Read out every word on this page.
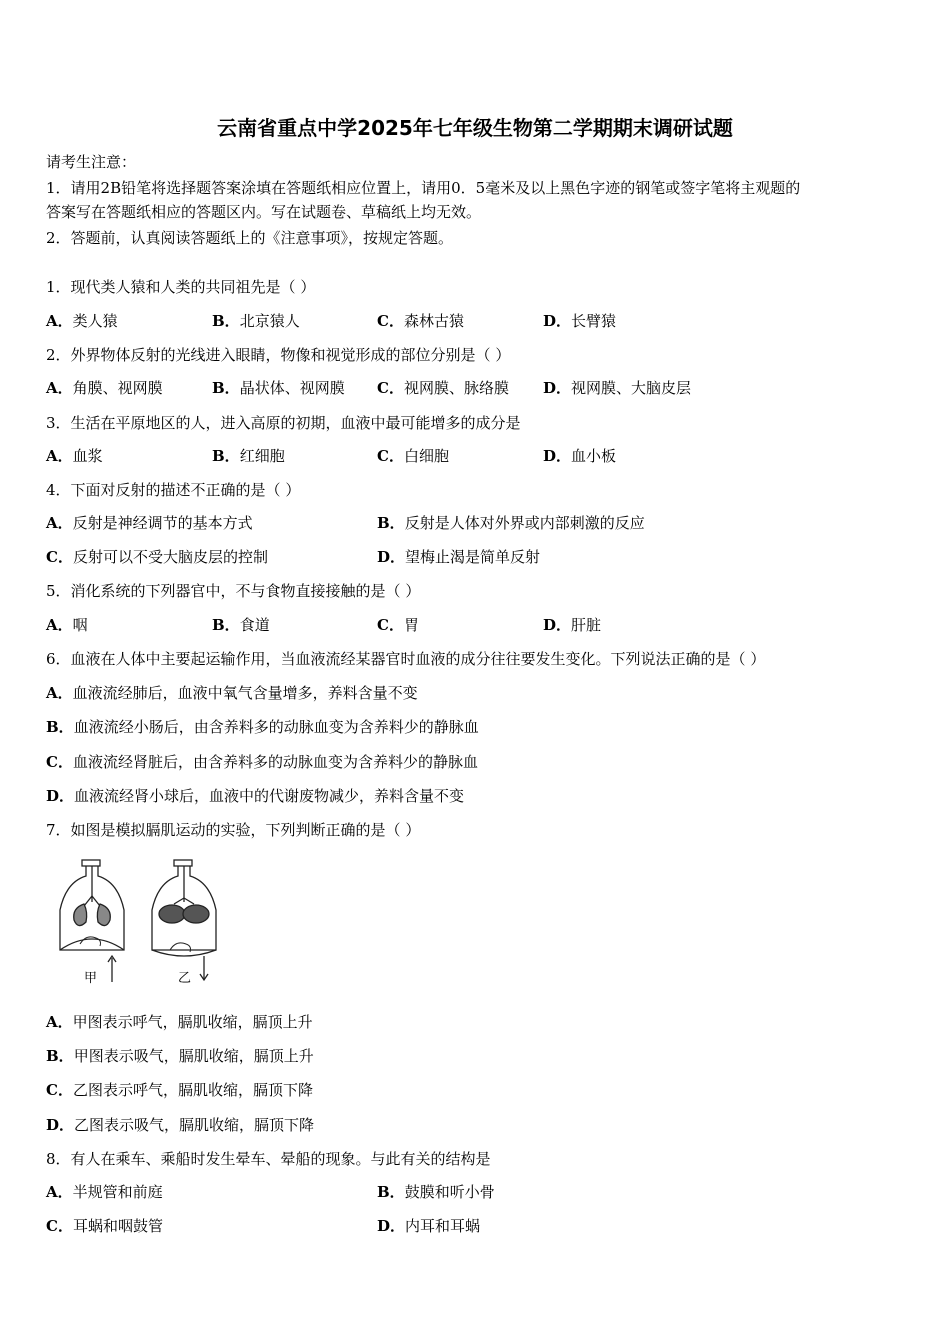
云南省重点中学2025年七年级生物第二学期期末调研试题
请考生注意：
1．请用2B铅笔将选择题答案涂填在答题纸相应位置上，请用0．5毫米及以上黑色字迹的钢笔或签字笔将主观题的
答案写在答题纸相应的答题区内。写在试题卷、草稿纸上均无效。
2．答题前，认真阅读答题纸上的《注意事项》，按规定答题。
1．现代类人猿和人类的共同祖先是（ ）
A．类人猿	B．北京猿人	C．森林古猿	D．长臂猿
2．外界物体反射的光线进入眼睛，物像和视觉形成的部位分别是（ ）
A．角膜、视网膜	B．晶状体、视网膜 C．视网膜、脉络膜 D．视网膜、大脑皮层
3．生活在平原地区的人，进入高原的初期，血液中最可能增多的成分是
A．血浆	B．红细胞	C．白细胞	D．血小板
4．下面对反射的描述不正确的是（ ）
A．反射是神经调节的基本方式	B．反射是人体对外界或内部刺激的反应
C．反射可以不受大脑皮层的控制	D．望梅止渴是简单反射
5．消化系统的下列器官中，不与食物直接接触的是（ ）
A．咽	B．食道	C．胃	D．肝脏
6．血液在人体中主要起运输作用，当血液流经某器官时血液的成分往往要发生变化。下列说法正确的是（ ）
A．血液流经肺后，血液中氧气含量增多，养料含量不变
B．血液流经小肠后，由含养料多的动脉血变为含养料少的静脉血
C．血液流经肾脏后，由含养料多的动脉血变为含养料少的静脉血
D．血液流经肾小球后，血液中的代谢废物减少，养料含量不变
7．如图是模拟膈肌运动的实验，下列判断正确的是（ ）
甲	乙
A．甲图表示呼气，膈肌收缩，膈顶上升
B．甲图表示吸气，膈肌收缩，膈顶上升
C．乙图表示呼气，膈肌收缩，膈顶下降
D．乙图表示吸气，膈肌收缩，膈顶下降
8．有人在乘车、乘船时发生晕车、晕船的现象。与此有关的结构是
A．半规管和前庭	B．鼓膜和听小骨
C．耳蜗和咽鼓管	D．内耳和耳蜗
